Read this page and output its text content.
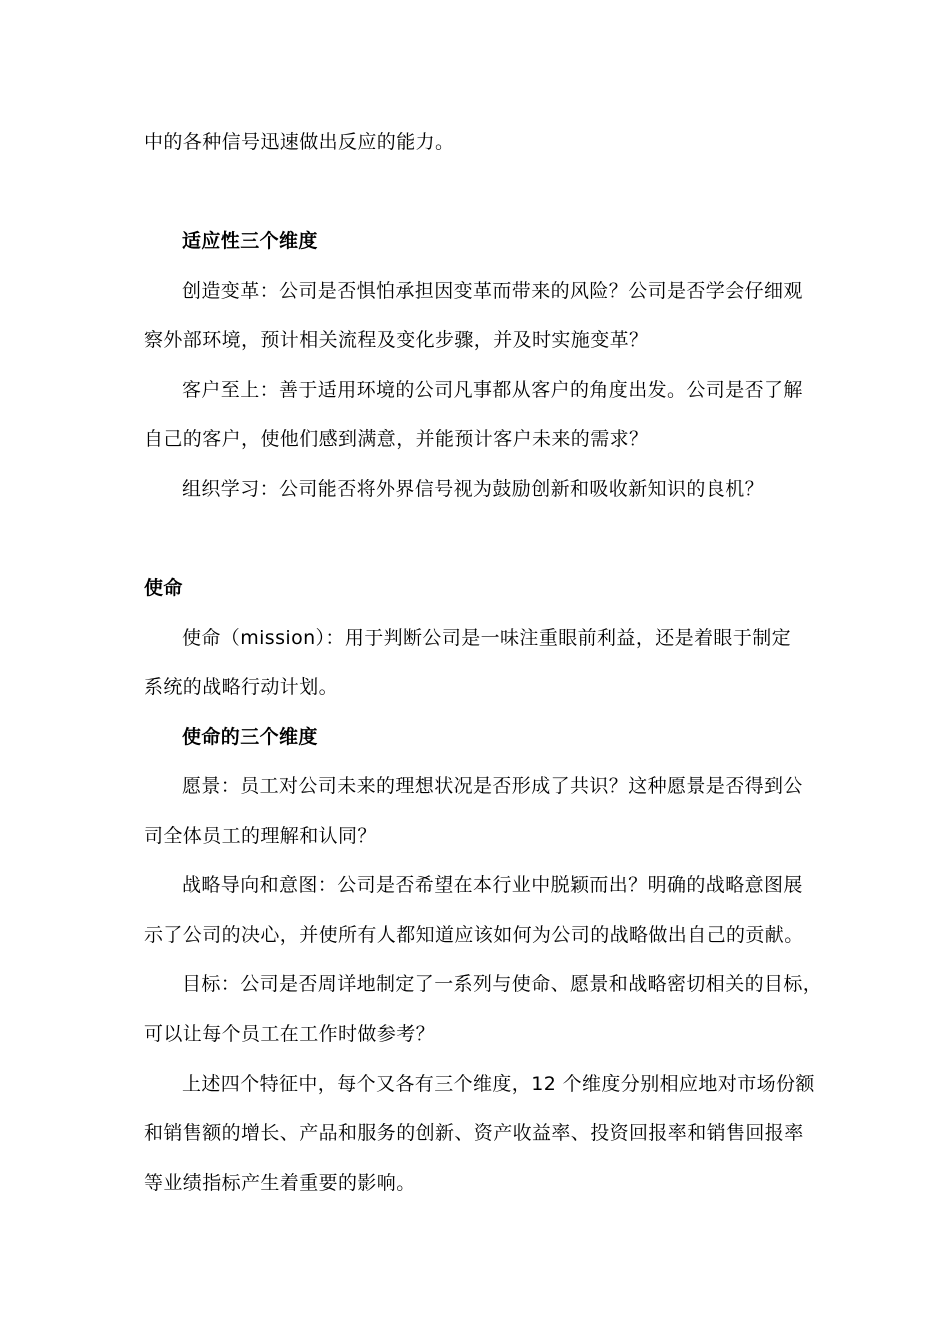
中的各种信号迅速做出反应的能力。
适应性三个维度
创造变革：公司是否惧怕承担因变革而带来的风险？公司是否学会仔细观
察外部环境，预计相关流程及变化步骤，并及时实施变革？
客户至上：善于适用环境的公司凡事都从客户的角度出发。公司是否了解
自己的客户，使他们感到满意，并能预计客户未来的需求？
组织学习：公司能否将外界信号视为鼓励创新和吸收新知识的良机？
使命
使命（mission）：用于判断公司是一味注重眼前利益，还是着眼于制定
系统的战略行动计划。
使命的三个维度
愿景：员工对公司未来的理想状况是否形成了共识？这种愿景是否得到公
司全体员工的理解和认同？
战略导向和意图：公司是否希望在本行业中脱颖而出？明确的战略意图展
示了公司的决心，并使所有人都知道应该如何为公司的战略做出自己的贡献。
目标：公司是否周详地制定了一系列与使命、愿景和战略密切相关的目标，
可以让每个员工在工作时做参考？
上述四个特征中，每个又各有三个维度，12 个维度分别相应地对市场份额
和销售额的增长、产品和服务的创新、资产收益率、投资回报率和销售回报率
等业绩指标产生着重要的影响。
